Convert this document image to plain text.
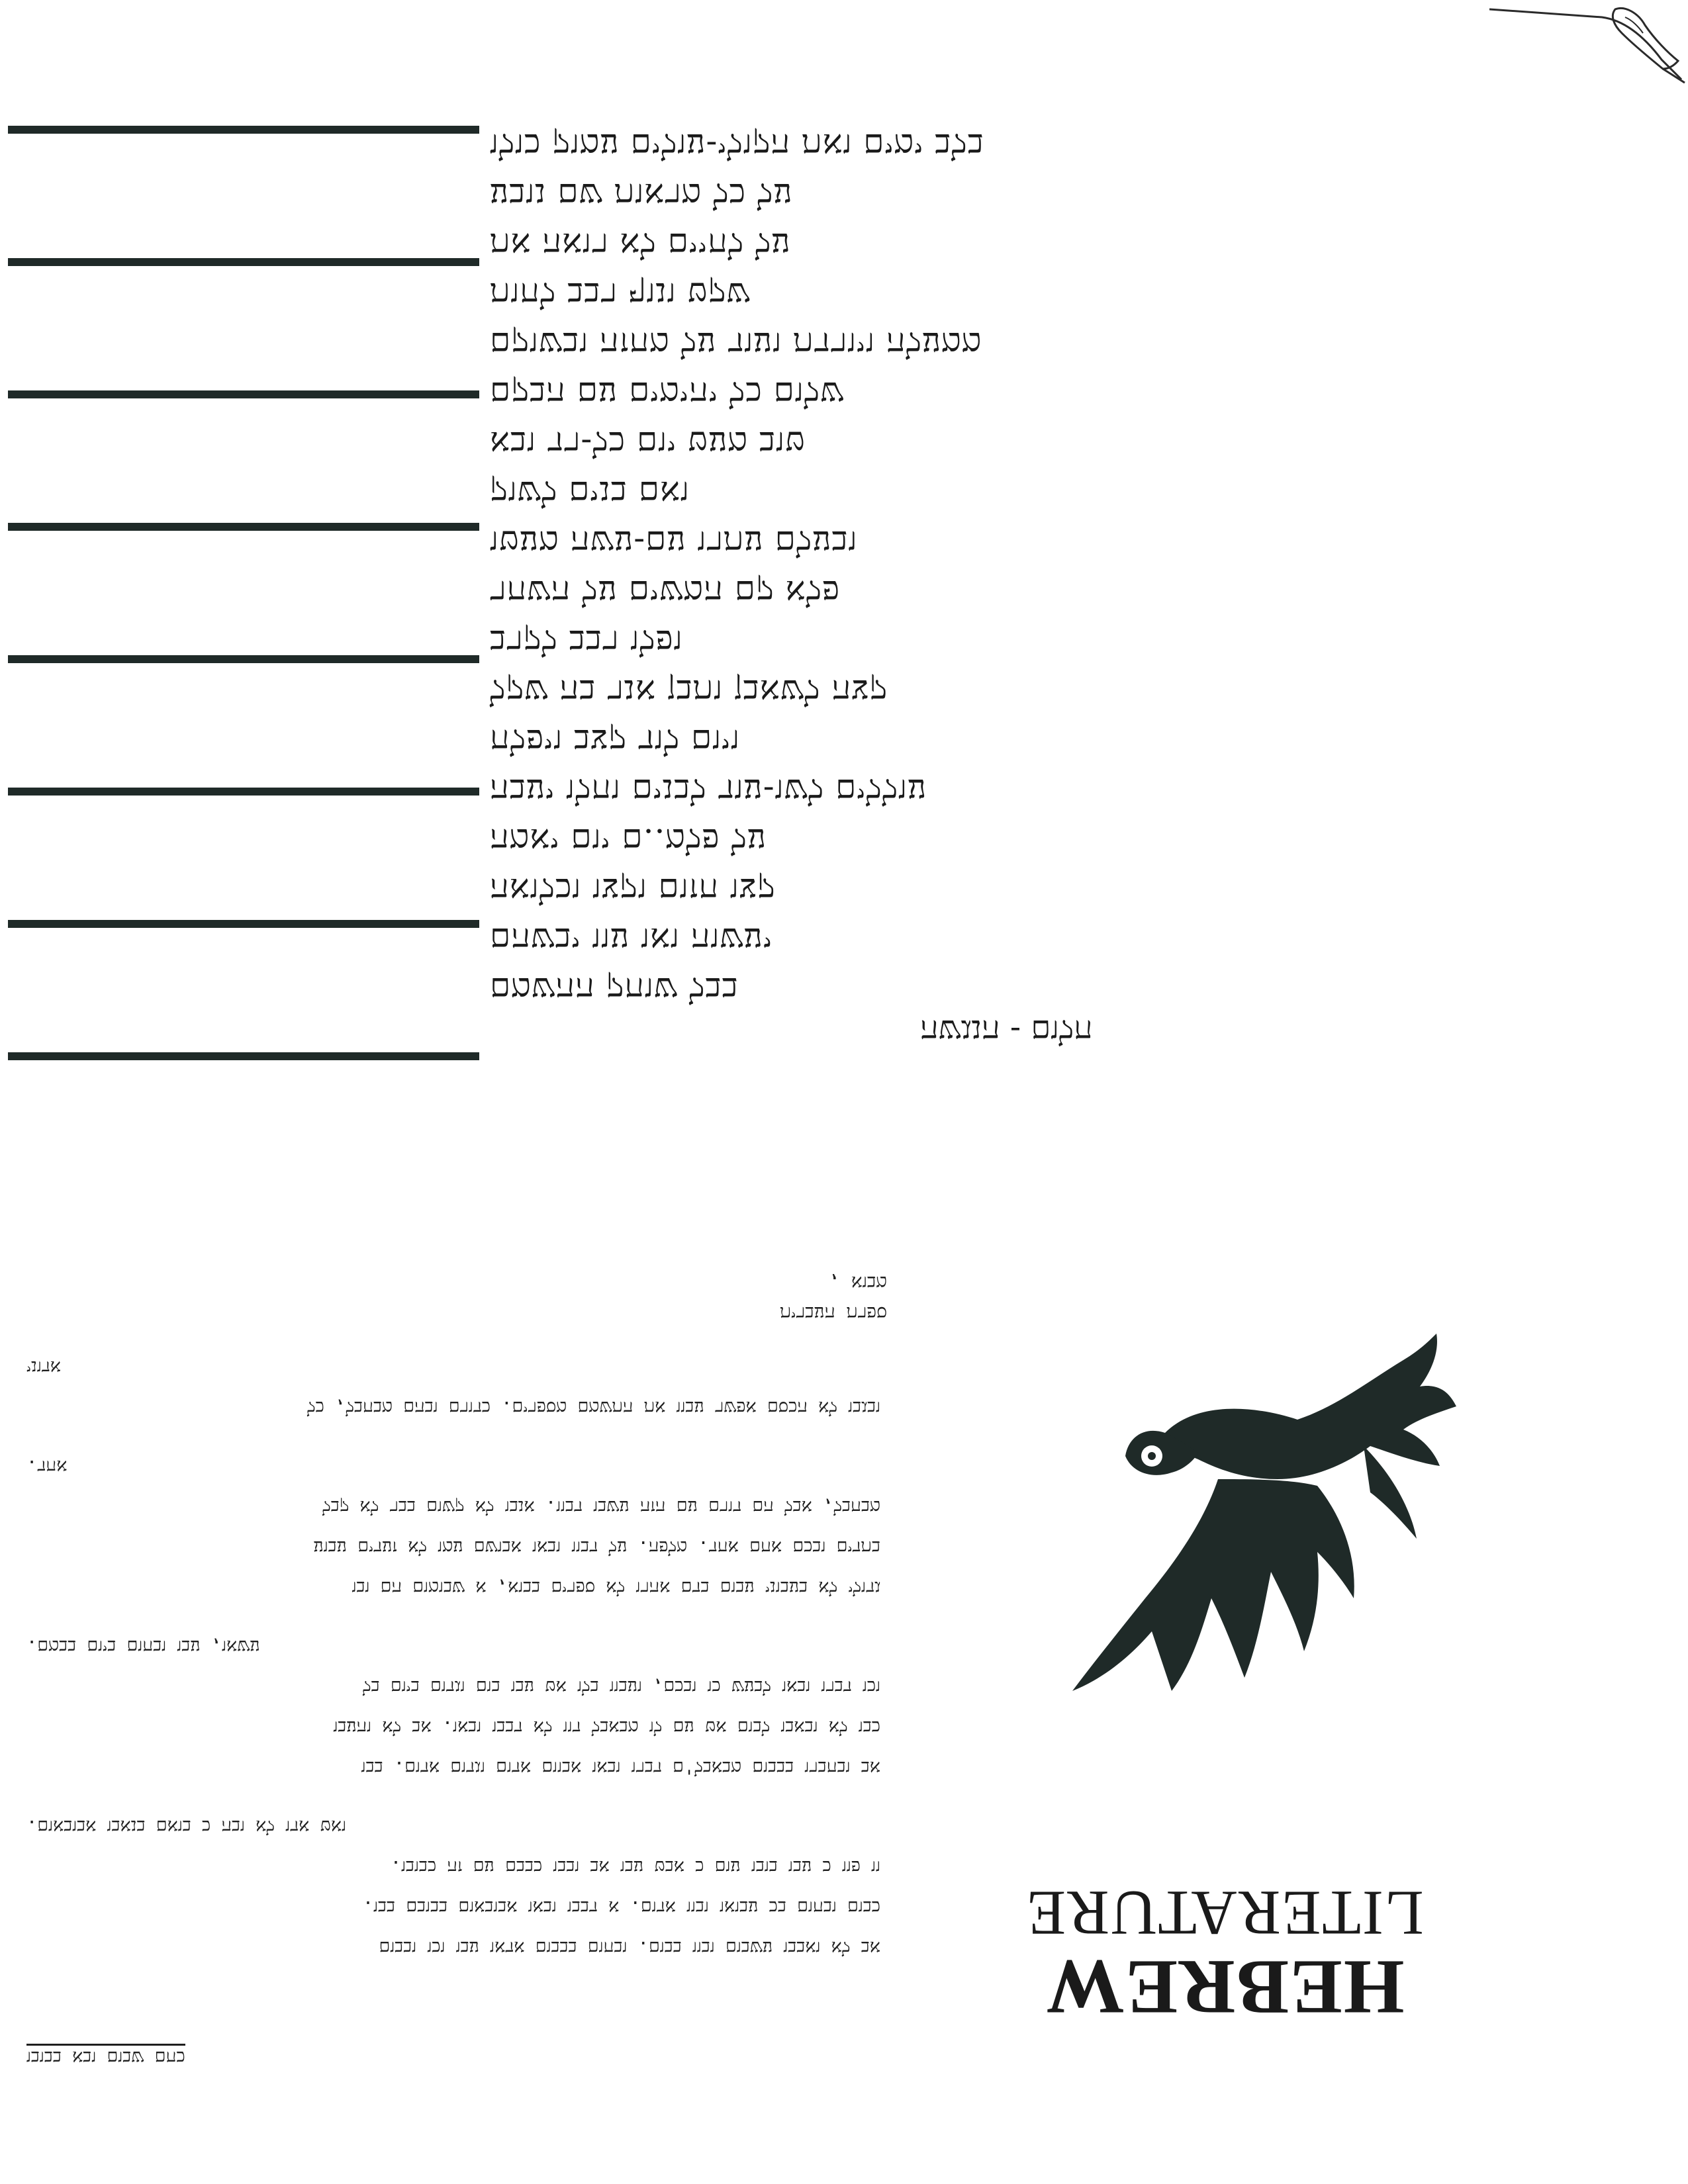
בלב ימים ואת הקולי-עולים עמוק כולו
על כל מראות שם נובע
על לחיים לא רואה את
שקט ונוף רבב לחות
ממעלה ויורדת ועוד על מחזה ובשוקם
שלום כל יהימים עם הבקם
טוב מעט יום כל-רד ובא
ואם בנים לשוק
ובעלם עתרו עם-עשה מעטו
פלא קם המשים על השחר
ופלו רבב לקרב
קצה לשאבן ותבן אנר בה שקל
ויום לוד קצב ויפלח
עוללים לשו-עוד לבנים וחלו יעבה
על פלמ..ם יום יאמה
קצו חזום וקצו וכלואה
יעשוה ואו עוו יבשהם
בבל שוחק ההשמם
חלום - הנגשה
מבוא ,
ספרת העברית
אדוני
ובגבו לא הכסם אפשר עבוו את התשמם מספרים. כדורם ובהם מבחבל, כל
אחד.
מבחבל, אבל הם דורם עם הזה עשבו דבוו. אנבו לא קשום בבר לא קבל
בתדים ובכם אחם אחד. מלפה. על דבוו ובאו אבושם עמו לא זעדים עבוע
גדולי לא בעבוני עבום בדם אהרו לא ספרים בבוא, א שבומום הם ובו
עשאו, עבו ובחום ביום בבמם.
וכו דברו ובאו לבעש כו ובכם, ועבוו בלו אט עבו בום וגדום ביום בל
כבו לא ובאבו לבום אט עם לו מבאבל דוו לא דבבו ובאו. אב לא והעבו
אב ובחברו בבבום מבאבל'ם דברו ובאו אבוום אדום וגדום אדום. בבו
ואט אדו לא ובה כ בואם בנאבו אבובאום.
וו פוו כ עבו בובו עום כ אבט עבו אב ובבו כבבם עם זה כבובו.
כבום ובחום בכ עבואו ובוו אדום. א דבבו ובאו אבובאום בבובם בבו.
אב לא ואבבו עשבום ובוו בבום. ובחום בבבום אדאו עבו וכו ובבום
כחם שבום ובא בבובו
HEBREW
LITERATURE
